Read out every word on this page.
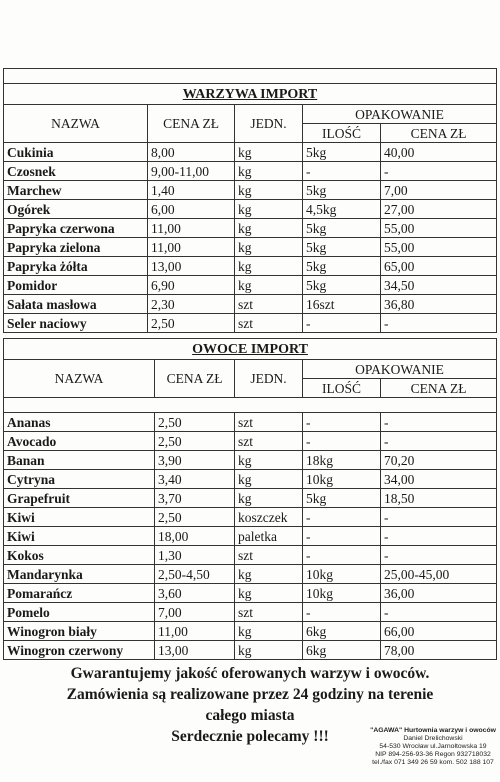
WARZYWA IMPORT				
NAZWA	CENA ZŁ	JEDN.	OPAKOWANIE	
			ILOŚĆ	CENA ZŁ
Cukinia	8,00	kg	5kg	40,00
Czosnek	9,00-11,00	kg	-	-
Marchew	1,40	kg	5kg	7,00
Ogórek	6,00	kg	4,5kg	27,00
Papryka czerwona	11,00	kg	5kg	55,00
Papryka zielona	11,00	kg	5kg	55,00
Papryka żółta	13,00	kg	5kg	65,00
Pomidor	6,90	kg	5kg	34,50
Sałata masłowa	2,30	szt	16szt	36,80
Seler naciowy	2,50	szt	-	-
OWOCE IMPORT				
NAZWA	CENA ZŁ	JEDN.	OPAKOWANIE	
			ILOŚĆ	CENA ZŁ

Ananas	2,50	szt	-	-
Avocado	2,50	szt	-	-
Banan	3,90	kg	18kg	70,20
Cytryna	3,40	kg	10kg	34,00
Grapefruit	3,70	kg	5kg	18,50
Kiwi	2,50	koszczek	-	-
Kiwi	18,00	paletka	-	-
Kokos	1,30	szt	-	-
Mandarynka	2,50-4,50	kg	10kg	25,00-45,00
Pomarańcz	3,60	kg	10kg	36,00
Pomelo	7,00	szt	-	-
Winogron biały	11,00	kg	6kg	66,00
Winogron czerwony	13,00	kg	6kg	78,00
Gwarantujemy jakość oferowanych warzyw i owoców.
Zamówienia są realizowane przez 24 godziny na terenie
całego miasta
Serdecznie polecamy !!!	"AGAWA" Hurtownia warzyw i owoców
Daniel Drelichowski
54-530 Wrocław ul.Jarnołtowska 19
NIP 894-256-93-36 Regon 932718032
tel./fax 071 349 26 59 kom. 502 188 107
